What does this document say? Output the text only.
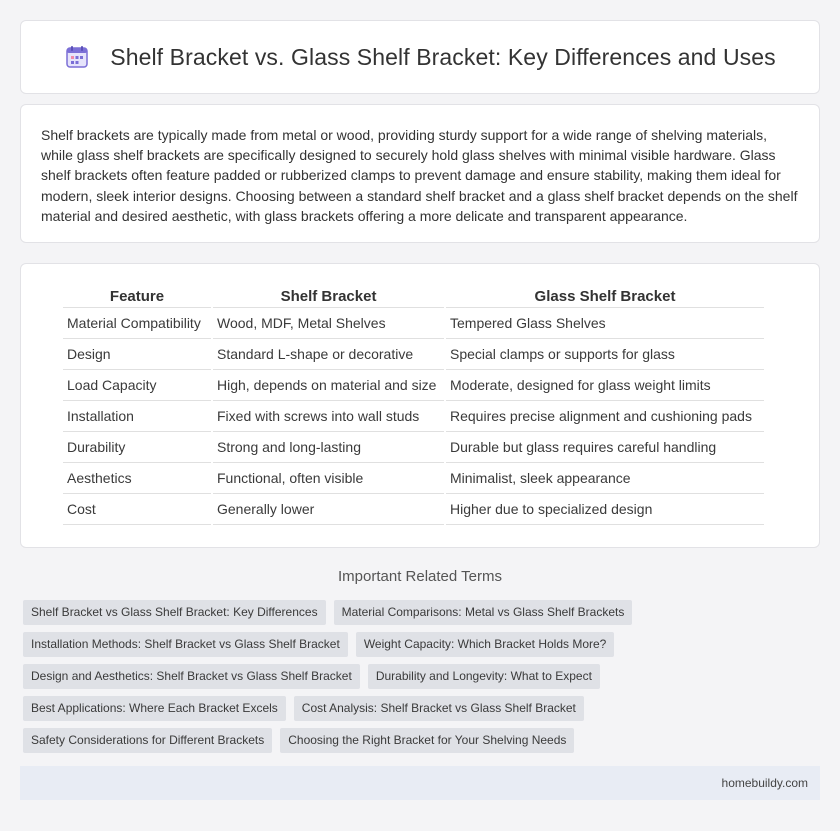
Shelf Bracket vs. Glass Shelf Bracket: Key Differences and Uses

Shelf brackets are typically made from metal or wood, providing sturdy support for a wide range of shelving materials, while glass shelf brackets are specifically designed to securely hold glass shelves with minimal visible hardware. Glass shelf brackets often feature padded or rubberized clamps to prevent damage and ensure stability, making them ideal for modern, sleek interior designs. Choosing between a standard shelf bracket and a glass shelf bracket depends on the shelf material and desired aesthetic, with glass brackets offering a more delicate and transparent appearance.

Feature	Shelf Bracket	Glass Shelf Bracket
Material Compatibility	Wood, MDF, Metal Shelves	Tempered Glass Shelves
Design	Standard L-shape or decorative	Special clamps or supports for glass
Load Capacity	High, depends on material and size	Moderate, designed for glass weight limits
Installation	Fixed with screws into wall studs	Requires precise alignment and cushioning pads
Durability	Strong and long-lasting	Durable but glass requires careful handling
Aesthetics	Functional, often visible	Minimalist, sleek appearance
Cost	Generally lower	Higher due to specialized design
Important Related Terms
Shelf Bracket vs Glass Shelf Bracket: Key Differences	Material Comparisons: Metal vs Glass Shelf Brackets
Installation Methods: Shelf Bracket vs Glass Shelf Bracket	Weight Capacity: Which Bracket Holds More?
Design and Aesthetics: Shelf Bracket vs Glass Shelf Bracket	Durability and Longevity: What to Expect
Best Applications: Where Each Bracket Excels	Cost Analysis: Shelf Bracket vs Glass Shelf Bracket
Safety Considerations for Different Brackets	Choosing the Right Bracket for Your Shelving Needs
homebuildy.com
